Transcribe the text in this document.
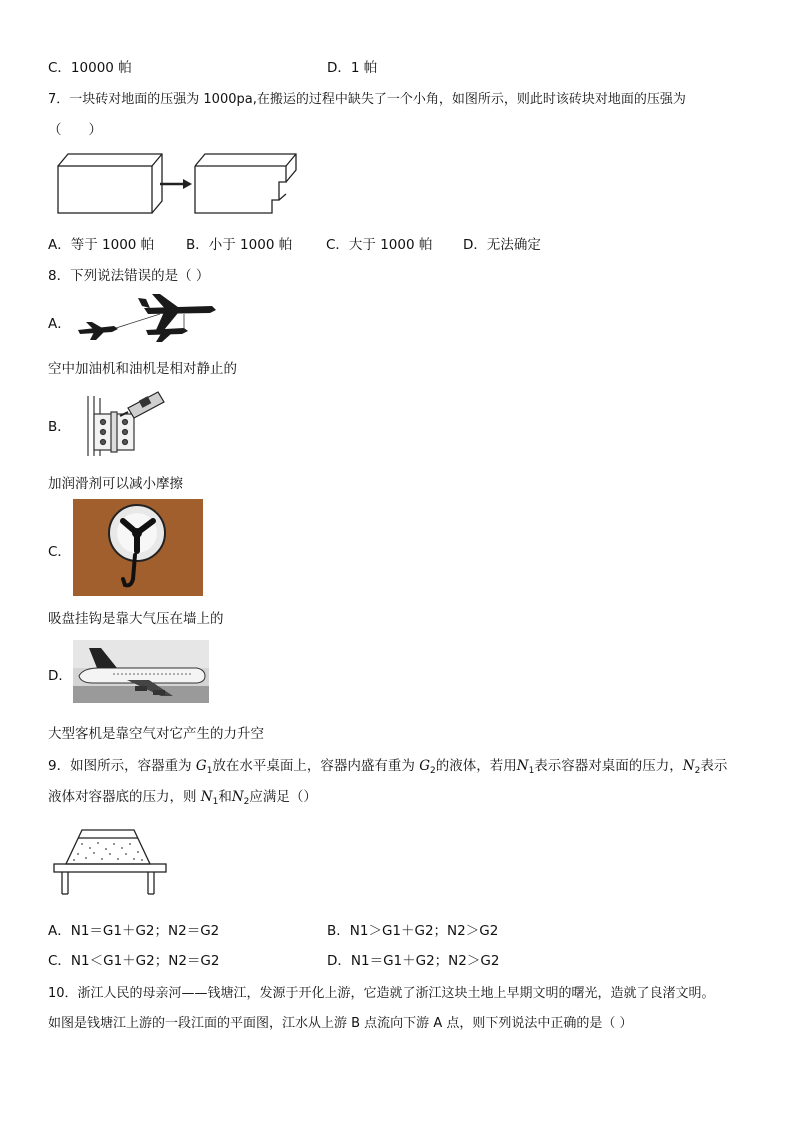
C．10000 帕	D．1 帕
7．一块砖对地面的压强为 1000pa,在搬运的过程中缺失了一个小角，如图所示，则此时该砖块对地面的压强为
（　　）
A．等于 1000 帕 B．小于 1000 帕	C．大于 1000 帕 D．无法确定
8．下列说法错误的是（ ）
A．
空中加油机和油机是相对静止的
B．
加润滑剂可以减小摩擦
C．
吸盘挂钩是靠大气压在墙上的
D．
大型客机是靠空气对它产生的力升空
9．如图所示，容器重为 $G_1$放在水平桌面上，容器内盛有重为 $G_2$的液体，若用$N_1$表示容器对桌面的压力，$N_2$表示
液体对容器底的压力，则 $N_1$和$N_2$应满足（）
A．N1＝G1＋G2；N2＝G2	B．N1＞G1＋G2；N2＞G2
C．N1＜G1＋G2；N2＝G2	D．N1＝G1＋G2；N2＞G2
10．浙江人民的母亲河——钱塘江，发源于开化上游，它造就了浙江这块土地上早期文明的曙光，造就了良渚文明。
如图是钱塘江上游的一段江面的平面图，江水从上游 B 点流向下游 A 点，则下列说法中正确的是（ ）
